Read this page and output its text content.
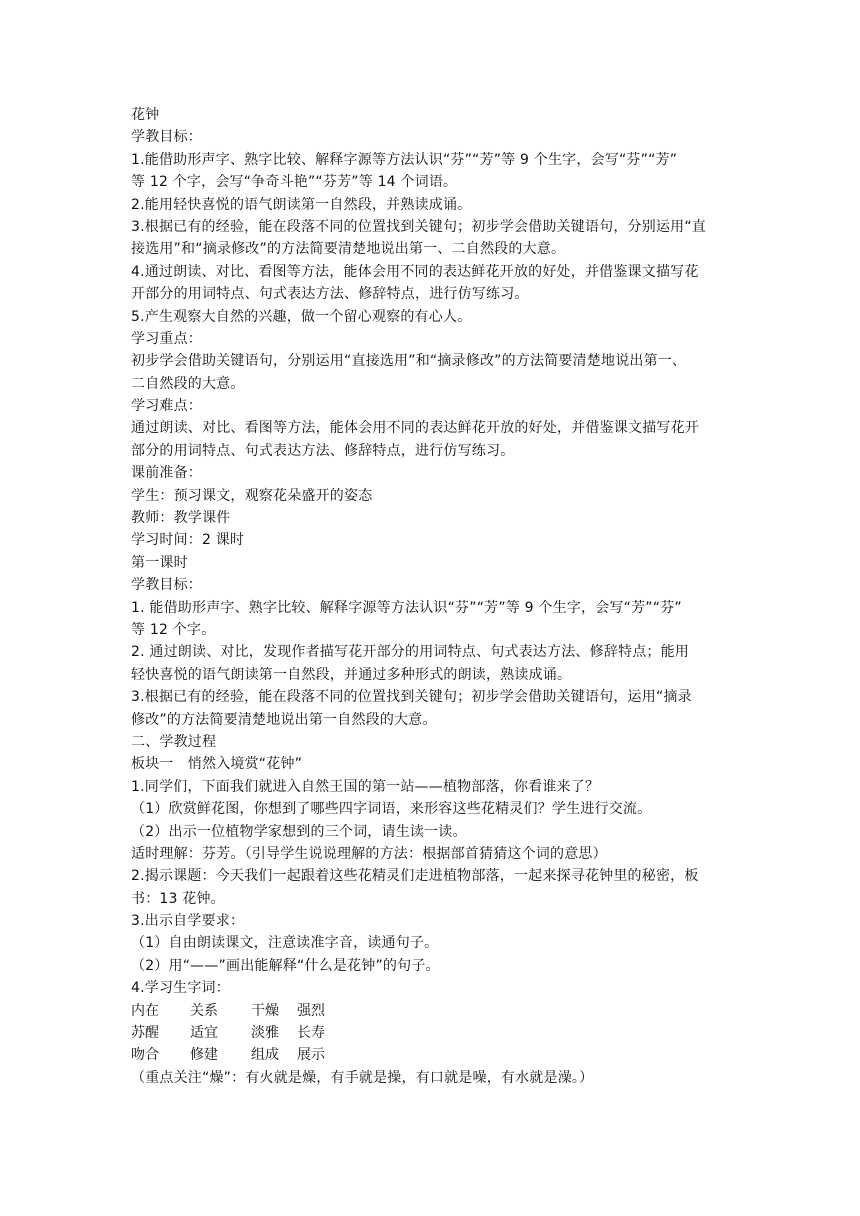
花钟
学教目标：
1.能借助形声字、熟字比较、解释字源等方法认识“芬”“芳”等 9 个生字，会写“芬”“芳”
等 12 个字，会写“争奇斗艳”“芬芳”等 14 个词语。
2.能用轻快喜悦的语气朗读第一自然段，并熟读成诵。
3.根据已有的经验，能在段落不同的位置找到关键句；初步学会借助关键语句，分别运用“直
接选用”和“摘录修改”的方法简要清楚地说出第一、二自然段的大意。
4.通过朗读、对比、看图等方法，能体会用不同的表达鲜花开放的好处，并借鉴课文描写花
开部分的用词特点、句式表达方法、修辞特点，进行仿写练习。
5.产生观察大自然的兴趣，做一个留心观察的有心人。
学习重点：
初步学会借助关键语句，分别运用“直接选用”和“摘录修改”的方法简要清楚地说出第一、
二自然段的大意。
学习难点：
通过朗读、对比、看图等方法，能体会用不同的表达鲜花开放的好处，并借鉴课文描写花开
部分的用词特点、句式表达方法、修辞特点，进行仿写练习。
课前准备：
学生：预习课文，观察花朵盛开的姿态
教师：教学课件
学习时间：2 课时
第一课时
学教目标：
1. 能借助形声字、熟字比较、解释字源等方法认识“芬”“芳”等 9 个生字，会写“芳”“芬”
等 12 个字。
2. 通过朗读、对比，发现作者描写花开部分的用词特点、句式表达方法、修辞特点；能用
轻快喜悦的语气朗读第一自然段，并通过多种形式的朗读，熟读成诵。
3.根据已有的经验，能在段落不同的位置找到关键句；初步学会借助关键语句，运用“摘录
修改”的方法简要清楚地说出第一自然段的大意。
二、学教过程
板块一　悄然入境赏“花钟”
1.同学们，下面我们就进入自然王国的第一站——植物部落，你看谁来了？
（1）欣赏鲜花图，你想到了哪些四字词语，来形容这些花精灵们？学生进行交流。
（2）出示一位植物学家想到的三个词，请生读一读。
适时理解：芬芳。（引导学生说说理解的方法：根据部首猜猜这个词的意思）
2.揭示课题：今天我们一起跟着这些花精灵们走进植物部落，一起来探寻花钟里的秘密，板
书：13 花钟。
3.出示自学要求：
（1）自由朗读课文，注意读准字音，读通句子。
（2）用“——”画出能解释“什么是花钟”的句子。
4.学习生字词：
内在	关系	干燥	强烈
苏醒	适宜	淡雅	长寿
吻合	修建	组成	展示
（重点关注“燥”：有火就是燥，有手就是操，有口就是噪，有水就是澡。）
